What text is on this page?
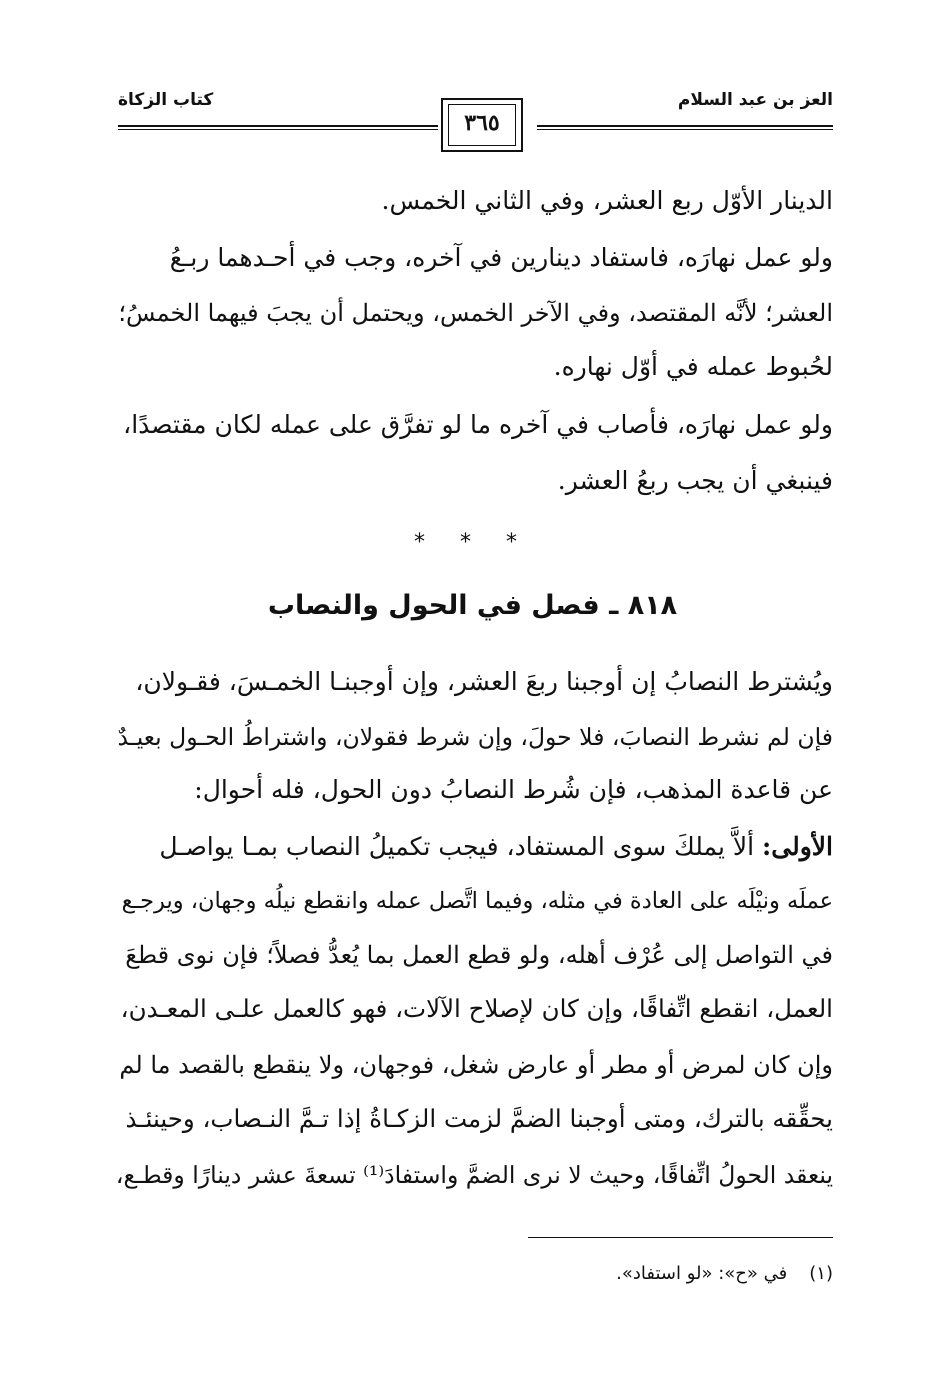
العز بن عبد السلام
كتاب الزكاة
٣٦٥
الدينار الأوّل ربع العشر، وفي الثاني الخمس.
ولو عمل نهارَه، فاستفاد دينارين في آخره، وجب في أحـدهما ربـعُ
العشر؛ لأنَّه المقتصد، وفي الآخر الخمس، ويحتمل أن يجبَ فيهما الخمسُ؛
لحُبوط عمله في أوّل نهاره.
ولو عمل نهارَه، فأصاب في آخره ما لو تفرَّق على عمله لكان مقتصدًا،
فينبغي أن يجب ربعُ العشر.
* * *
٨١٨ ـ فصل في الحول والنصاب
ويُشترط النصابُ إن أوجبنا ربعَ العشر، وإن أوجبنـا الخمـسَ، فقـولان،
فإن لم نشرط النصابَ، فلا حولَ، وإن شرط فقولان، واشتراطُ الحـول بعيـدٌ
عن قاعدة المذهب، فإن شُرط النصابُ دون الحول، فله أحوال:
الأولى: ألاَّ يملكَ سوى المستفاد، فيجب تكميلُ النصاب بمـا يواصـل
عملَه ونيْلَه على العادة في مثله، وفيما اتَّصل عمله وانقطع نيلُه وجهان، ويرجـع
في التواصل إلى عُرْف أهله، ولو قطع العمل بما يُعدُّ فصلاً؛ فإن نوى قطعَ
العمل، انقطع اتِّفاقًا، وإن كان لإصلاح الآلات، فهو كالعمل علـى المعـدن،
وإن كان لمرض أو مطر أو عارض شغل، فوجهان، ولا ينقطع بالقصد ما لم
يحقِّقه بالترك، ومتى أوجبنا الضمَّ لزمت الزكـاةُ إذا تـمَّ النـصاب، وحينئـذ
ينعقد الحولُ اتِّفاقًا، وحيث لا نرى الضمَّ واستفادَ⁽¹⁾ تسعةَ عشر دينارًا وقطـع،
(١)في «ح»: «لو استفاد».
